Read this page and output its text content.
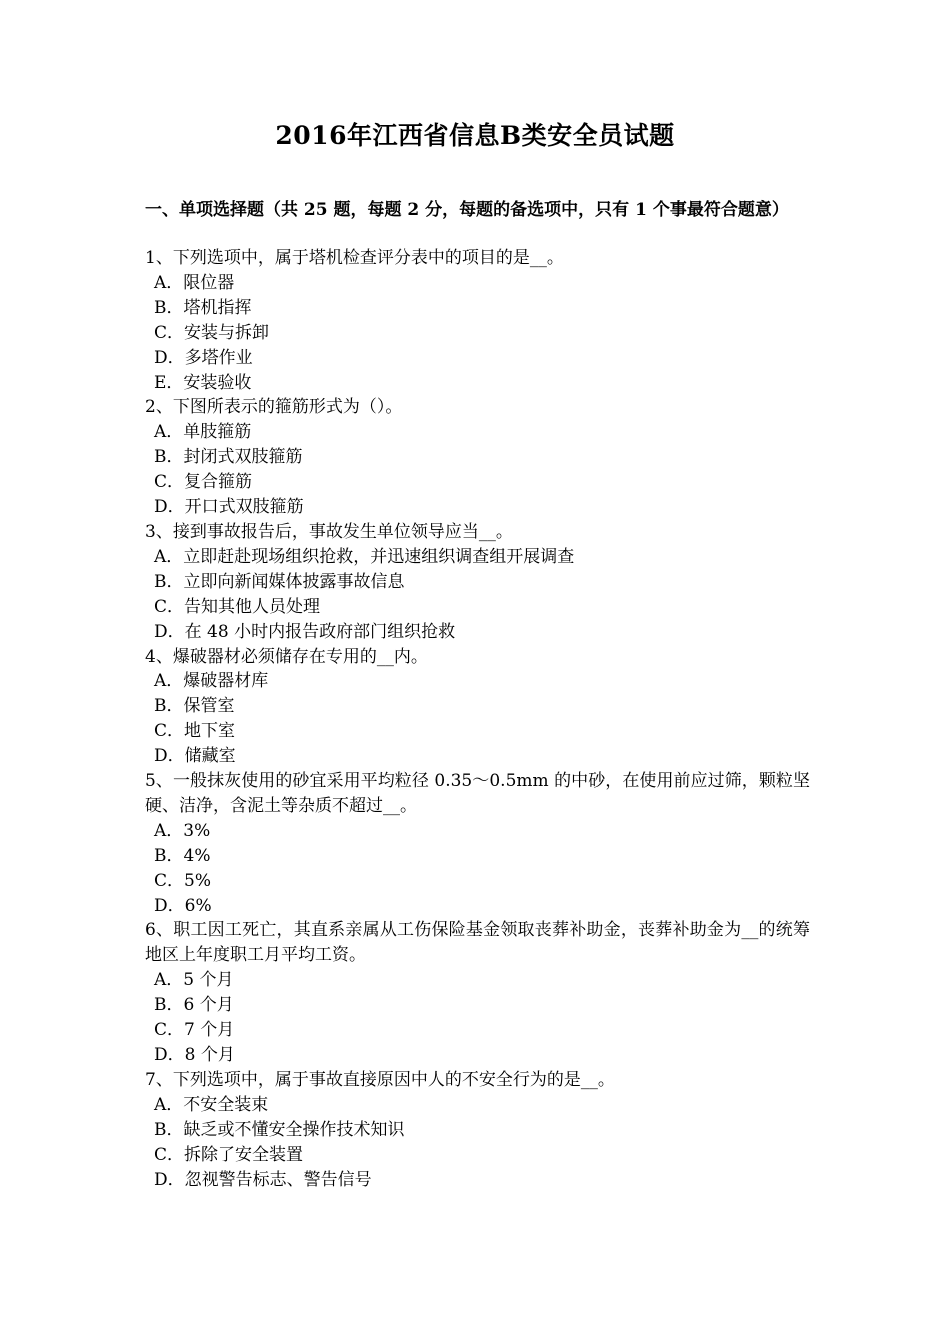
2016年江西省信息B类安全员试题
一、单项选择题（共 25 题，每题 2 分，每题的备选项中，只有 1 个事最符合题意）

1、下列选项中，属于塔机检查评分表中的项目的是__。

A．限位器
B．塔机指挥
C．安装与拆卸
D．多塔作业
E．安装验收

2、下图所表示的箍筋形式为（）。

A．单肢箍筋
B．封闭式双肢箍筋
C．复合箍筋
D．开口式双肢箍筋

3、接到事故报告后，事故发生单位领导应当__。

A．立即赶赴现场组织抢救，并迅速组织调查组开展调查
B．立即向新闻媒体披露事故信息
C．告知其他人员处理
D．在 48 小时内报告政府部门组织抢救

4、爆破器材必须储存在专用的__内。

A．爆破器材库
B．保管室
C．地下室
D．储藏室

5、一般抹灰使用的砂宜采用平均粒径 0.35～0.5mm 的中砂，在使用前应过筛，颗粒坚硬、洁净，含泥土等杂质不超过__。

A．3%
B．4%
C．5%
D．6%

6、职工因工死亡，其直系亲属从工伤保险基金领取丧葬补助金，丧葬补助金为__的统筹地区上年度职工月平均工资。

A．5 个月
B．6 个月
C．7 个月
D．8 个月

7、下列选项中，属于事故直接原因中人的不安全行为的是__。

A．不安全装束
B．缺乏或不懂安全操作技术知识
C．拆除了安全装置
D．忽视警告标志、警告信号
